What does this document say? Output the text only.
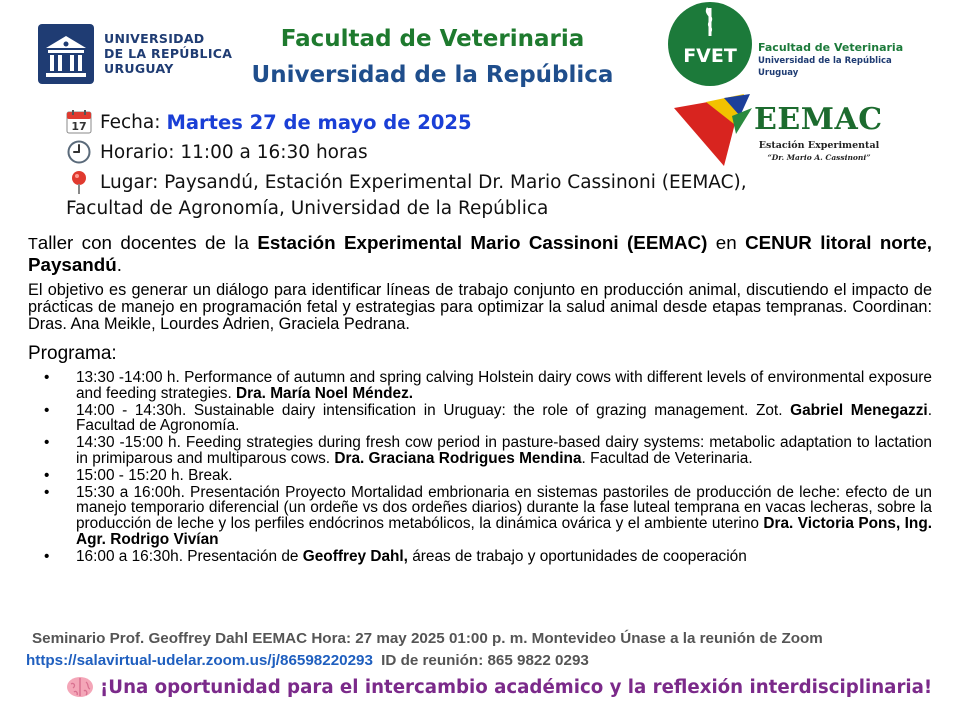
UNIVERSIDAD
DE LA REPÚBLICA
URUGUAY
FVET Facultad de Veterinaria
Universidad de la República
Uruguay
EEMAC
Estación Experimental
“Dr. Mario A. Cassinoni”
Facultad de Veterinaria
Universidad de la República
17 Fecha: Martes 27 de mayo de 2025
Horario: 11:00 a 16:30 horas
Lugar: Paysandú, Estación Experimental Dr. Mario Cassinoni (EEMAC),
Facultad de Agronomía, Universidad de la República
Taller con docentes de la Estación Experimental Mario Cassinoni (EEMAC) en CENUR litoral norte, Paysandú.
El objetivo es generar un diálogo para identificar líneas de trabajo conjunto en producción animal, discutiendo el impacto de prácticas de manejo en programación fetal y estrategias para optimizar la salud animal desde etapas tempranas. Coordinan: Dras. Ana Meikle, Lourdes Adrien, Graciela Pedrana.
Programa:
• 13:30 -14:00 h. Performance of autumn and spring calving Holstein dairy cows with different levels of environmental exposure and feeding strategies. Dra. María Noel Méndez.
• 14:00 - 14:30h. Sustainable dairy intensification in Uruguay: the role of grazing management. Zot. Gabriel Menegazzi. Facultad de Agronomía.
• 14:30 -15:00 h. Feeding strategies during fresh cow period in pasture-based dairy systems: metabolic adaptation to lactation in primiparous and multiparous cows. Dra. Graciana Rodrigues Mendina. Facultad de Veterinaria.
• 15:00 - 15:20 h. Break.
• 15:30 a 16:00h. Presentación Proyecto Mortalidad embrionaria en sistemas pastoriles de producción de leche: efecto de un manejo temporario diferencial (un ordeñe vs dos ordeñes diarios) durante la fase luteal temprana en vacas lecheras, sobre la producción de leche y los perfiles endócrinos metabólicos, la dinámica ovárica y el ambiente uterino Dra. Victoria Pons, Ing. Agr. Rodrigo Vivían
• 16:00 a 16:30h. Presentación de Geoffrey Dahl, áreas de trabajo y oportunidades de cooperación
Seminario Prof. Geoffrey Dahl EEMAC Hora: 27 may 2025 01:00 p. m. Montevideo Únase a la reunión de Zoom
https://salavirtual-udelar.zoom.us/j/86598220293 ID de reunión: 865 9822 0293
¡Una oportunidad para el intercambio académico y la reflexión interdisciplinaria!
